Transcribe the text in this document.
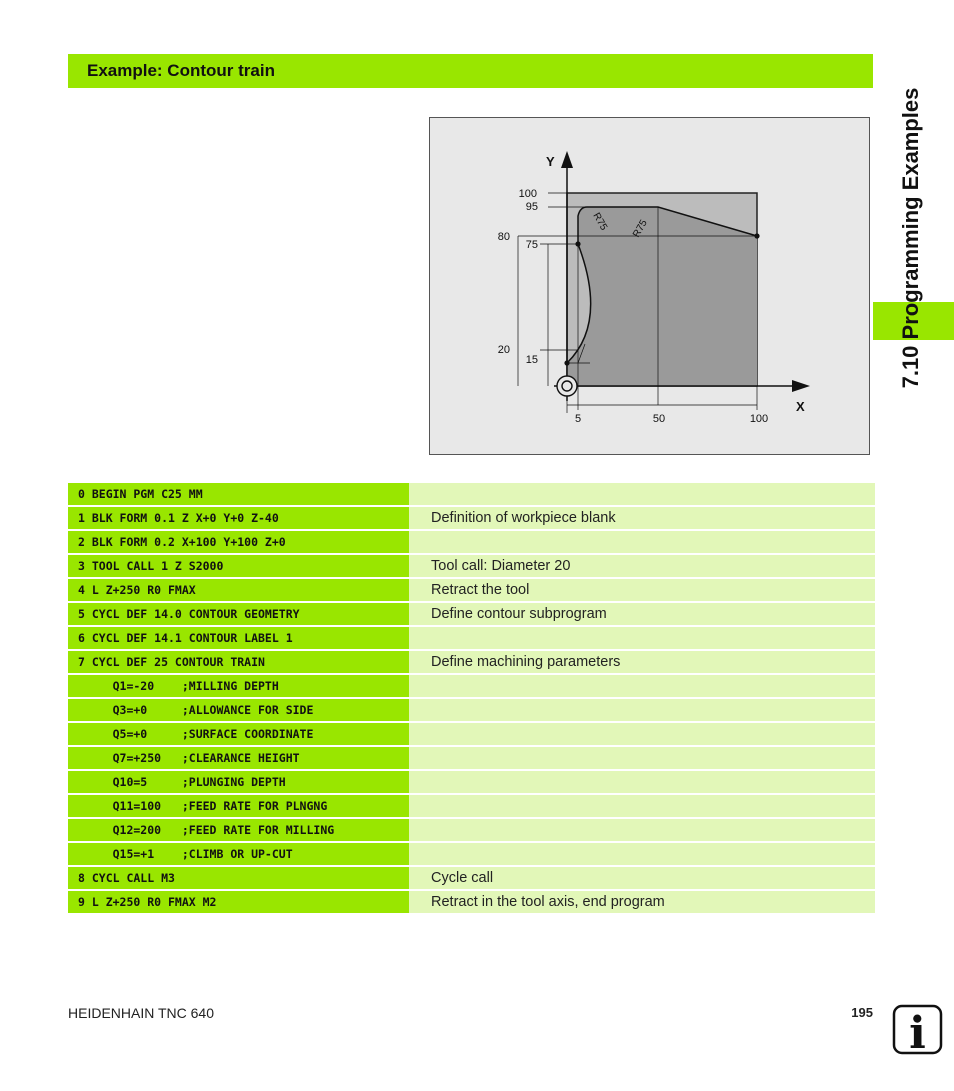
Example: Contour train
7.10 Programming Examples
Y
X
100
95
80
75
20
15
5	50	100
R75 R75
0 BEGIN PGM C25 MM
1 BLK FORM 0.1 Z X+0 Y+0 Z-40	Definition of workpiece blank
2 BLK FORM 0.2 X+100 Y+100 Z+0
3 TOOL CALL 1 Z S2000	Tool call: Diameter 20
4 L Z+250 R0 FMAX	Retract the tool
5 CYCL DEF 14.0 CONTOUR GEOMETRY	Define contour subprogram
6 CYCL DEF 14.1 CONTOUR LABEL 1
7 CYCL DEF 25 CONTOUR TRAIN	Define machining parameters
Q1=-20    ;MILLING DEPTH
Q3=+0     ;ALLOWANCE FOR SIDE
Q5=+0     ;SURFACE COORDINATE
Q7=+250   ;CLEARANCE HEIGHT
Q10=5     ;PLUNGING DEPTH
Q11=100   ;FEED RATE FOR PLNGNG
Q12=200   ;FEED RATE FOR MILLING
Q15=+1    ;CLIMB OR UP-CUT
8 CYCL CALL M3	Cycle call
9 L Z+250 R0 FMAX M2	Retract in the tool axis, end program
HEIDENHAIN TNC 640	195 i
